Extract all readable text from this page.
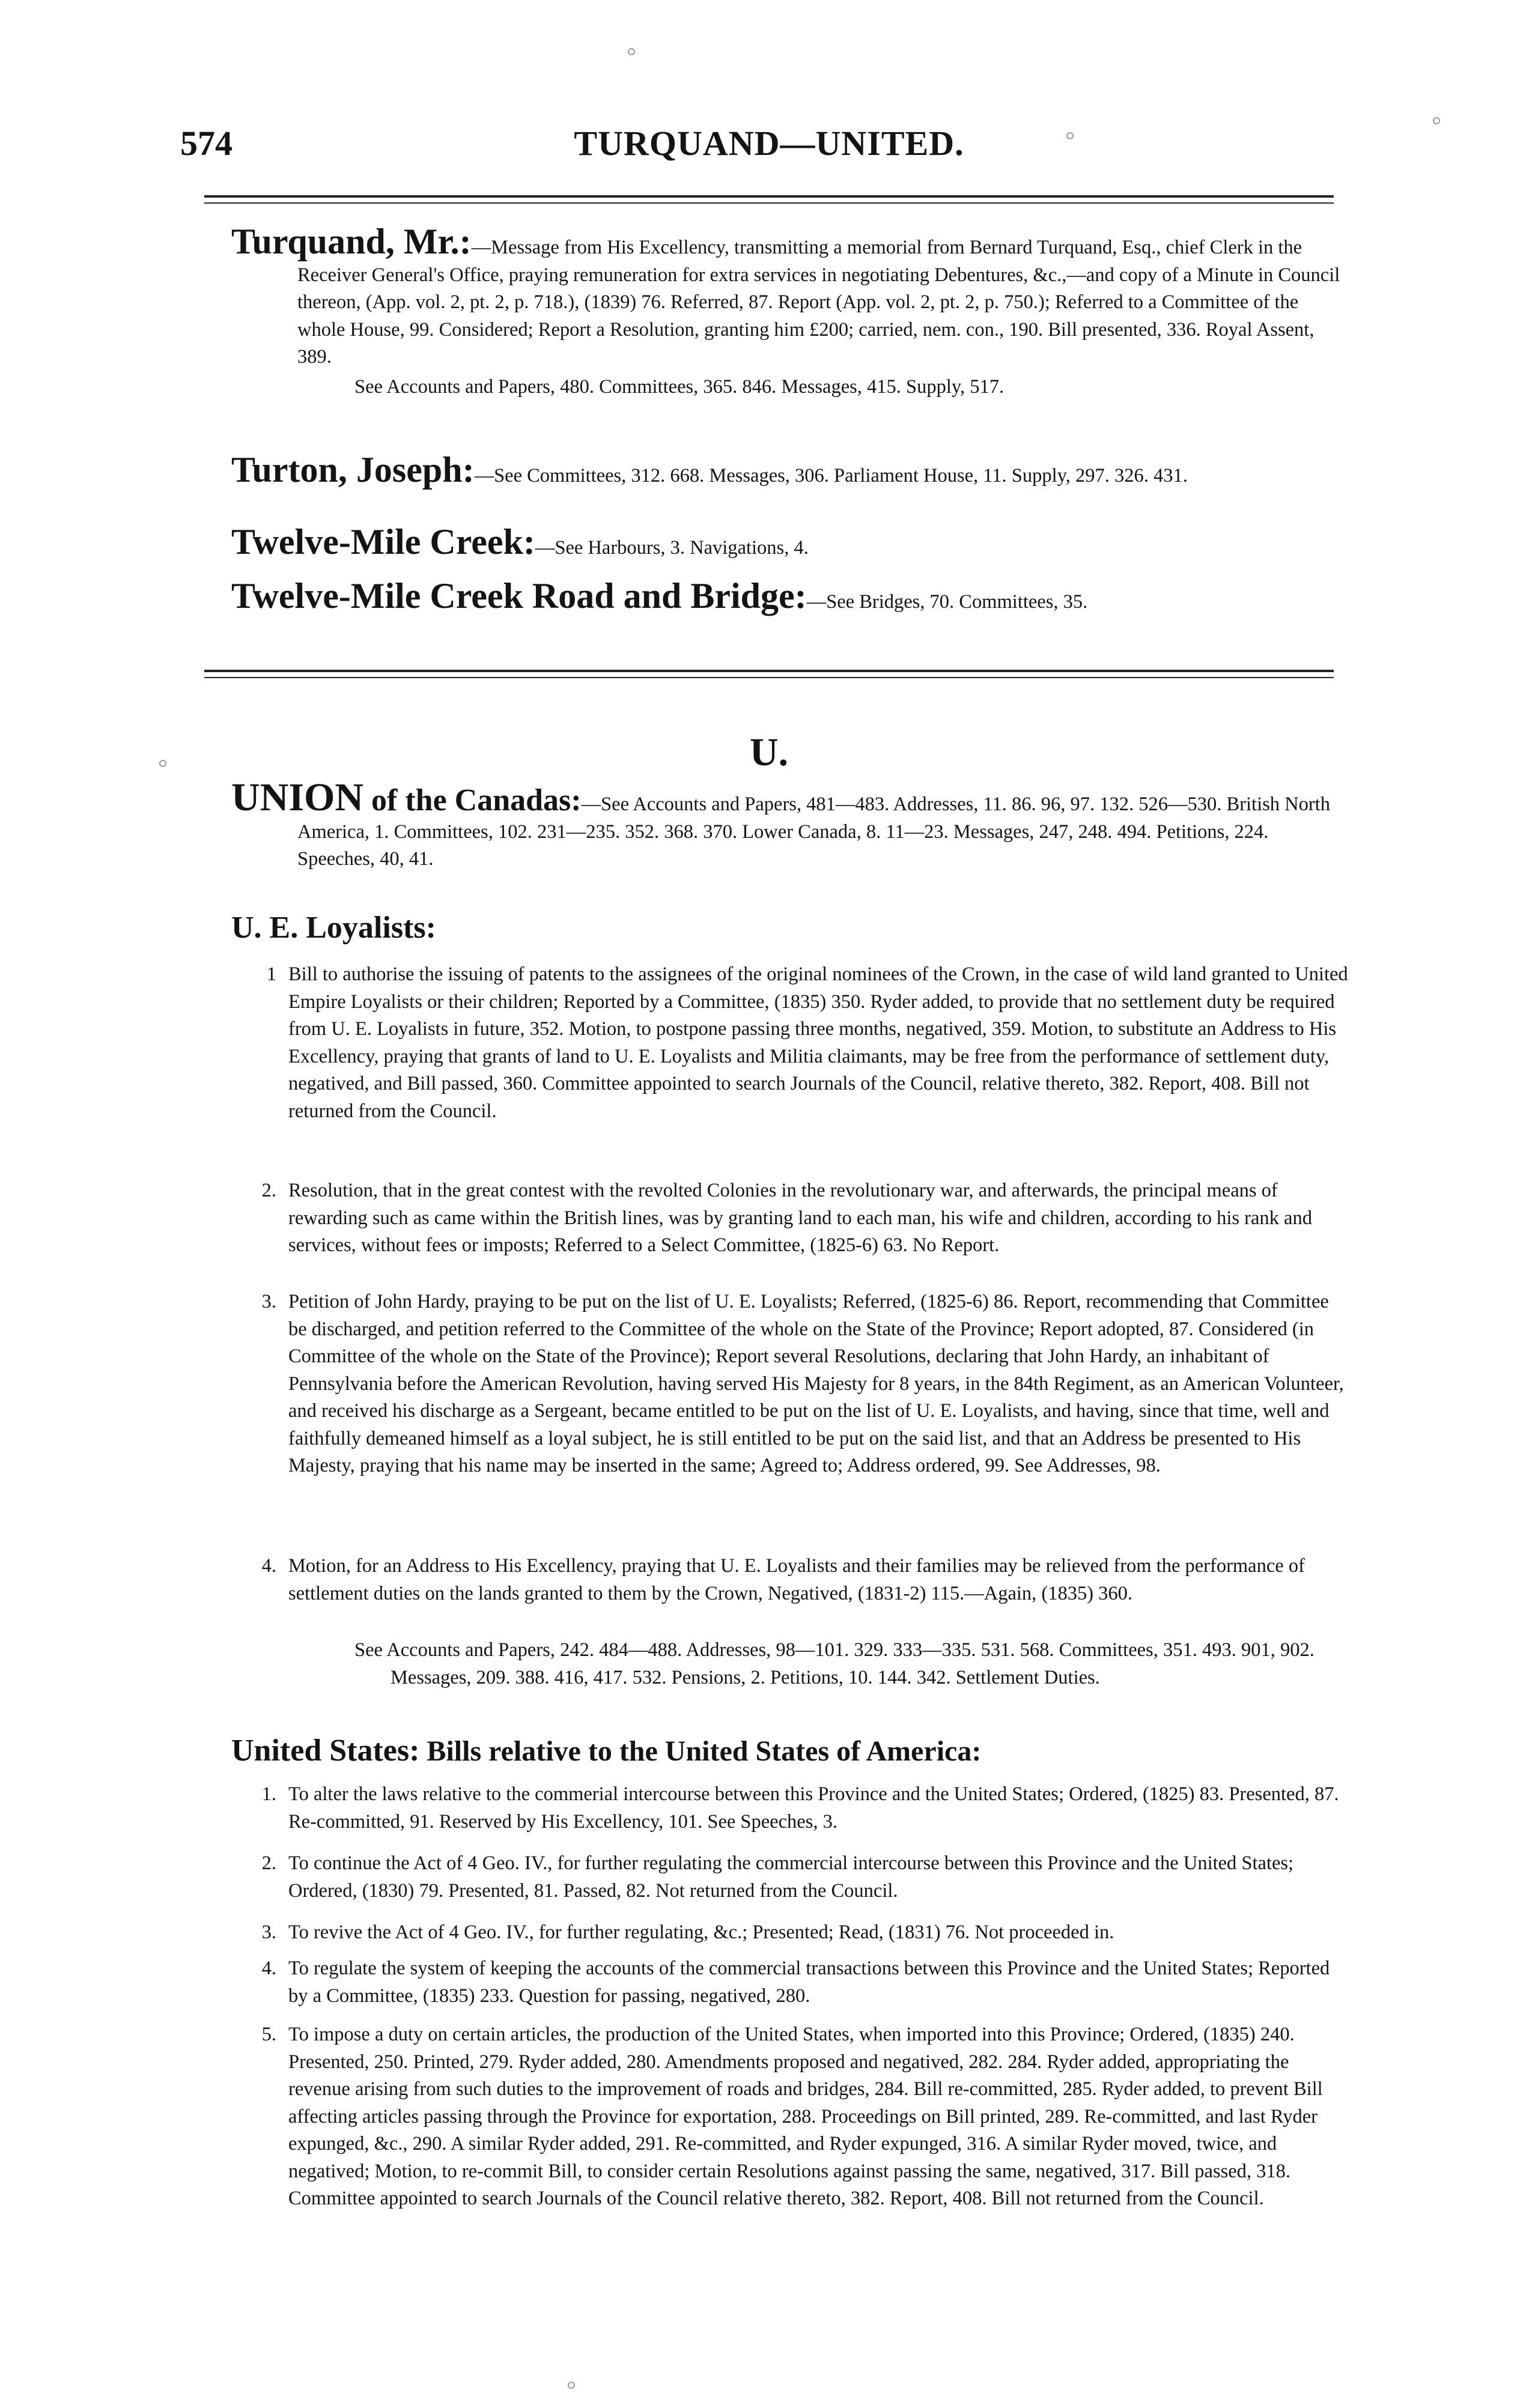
574	TURQUAND—UNITED.

Turquand, Mr.:—Message from His Excellency, transmitting a memorial from Bernard Turquand, Esq., chief Clerk in the Receiver General's Office, praying remuneration for extra services in negotiating Debentures, &c.,—and copy of a Minute in Council thereon, (App. vol. 2, pt. 2, p. 718.), (1839) 76. Referred, 87. Report (App. vol. 2, pt. 2, p. 750.); Referred to a Committee of the whole House, 99. Considered; Report a Resolution, granting him £200; carried, nem. con., 190. Bill presented, 336. Royal Assent, 389.

See Accounts and Papers, 480. Committees, 365. 846. Messages, 415. Supply, 517.

Turton, Joseph:—See Committees, 312. 668. Messages, 306. Parliament House, 11. Supply, 297. 326. 431.

Twelve-Mile Creek:—See Harbours, 3. Navigations, 4.

Twelve-Mile Creek Road and Bridge:—See Bridges, 70. Committees, 35.

U.

UNION of the Canadas:—See Accounts and Papers, 481—483. Addresses, 11. 86. 96, 97. 132. 526—530. British North America, 1. Committees, 102. 231—235. 352. 368. 370. Lower Canada, 8. 11—23. Messages, 247, 248. 494. Petitions, 224. Speeches, 40, 41.

U. E. Loyalists:
1 Bill to authorise the issuing of patents to the assignees of the original nominees of the Crown, in the case of wild land granted to United Empire Loyalists or their children; Reported by a Committee, (1835) 350. Ryder added, to provide that no settlement duty be required from U. E. Loyalists in future, 352. Motion, to postpone passing three months, negatived, 359. Motion, to substitute an Address to His Excellency, praying that grants of land to U. E. Loyalists and Militia claimants, may be free from the performance of settlement duty, negatived, and Bill passed, 360. Committee appointed to search Journals of the Council, relative thereto, 382. Report, 408. Bill not returned from the Council.

2. Resolution, that in the great contest with the revolted Colonies in the revolutionary war, and afterwards, the principal means of rewarding such as came within the British lines, was by granting land to each man, his wife and children, according to his rank and services, without fees or imposts; Referred to a Select Committee, (1825-6) 63. No Report.

3. Petition of John Hardy, praying to be put on the list of U. E. Loyalists; Referred, (1825-6) 86. Report, recommending that Committee be discharged, and petition referred to the Committee of the whole on the State of the Province; Report adopted, 87. Considered (in Committee of the whole on the State of the Province); Report several Resolutions, declaring that John Hardy, an inhabitant of Pennsylvania before the American Revolution, having served His Majesty for 8 years, in the 84th Regiment, as an American Volunteer, and received his discharge as a Sergeant, became entitled to be put on the list of U. E. Loyalists, and having, since that time, well and faithfully demeaned himself as a loyal subject, he is still entitled to be put on the said list, and that an Address be presented to His Majesty, praying that his name may be inserted in the same; Agreed to; Address ordered, 99. See Addresses, 98.

4. Motion, for an Address to His Excellency, praying that U. E. Loyalists and their families may be relieved from the performance of settlement duties on the lands granted to them by the Crown, Negatived, (1831-2) 115.—Again, (1835) 360.

See Accounts and Papers, 242. 484—488. Addresses, 98—101. 329. 333—335. 531. 568. Committees, 351. 493. 901, 902. Messages, 209. 388. 416, 417. 532. Pensions, 2. Petitions, 10. 144. 342. Settlement Duties.

United States: Bills relative to the United States of America:
1. To alter the laws relative to the commerial intercourse between this Province and the United States; Ordered, (1825) 83. Presented, 87. Re-committed, 91. Reserved by His Excellency, 101. See Speeches, 3.

2. To continue the Act of 4 Geo. IV., for further regulating the commercial intercourse between this Province and the United States; Ordered, (1830) 79. Presented, 81. Passed, 82. Not returned from the Council.

3. To revive the Act of 4 Geo. IV., for further regulating, &c.; Presented; Read, (1831) 76. Not proceeded in.

4. To regulate the system of keeping the accounts of the commercial transactions between this Province and the United States; Reported by a Committee, (1835) 233. Question for passing, negatived, 280.

5. To impose a duty on certain articles, the production of the United States, when imported into this Province; Ordered, (1835) 240. Presented, 250. Printed, 279. Ryder added, 280. Amendments proposed and negatived, 282. 284. Ryder added, appropriating the revenue arising from such duties to the improvement of roads and bridges, 284. Bill re-committed, 285. Ryder added, to prevent Bill affecting articles passing through the Province for exportation, 288. Proceedings on Bill printed, 289. Re-committed, and last Ryder expunged, &c., 290. A similar Ryder added, 291. Re-committed, and Ryder expunged, 316. A similar Ryder moved, twice, and negatived; Motion, to re-commit Bill, to consider certain Resolutions against passing the same, negatived, 317. Bill passed, 318. Committee appointed to search Journals of the Council relative thereto, 382. Report, 408. Bill not returned from the Council.
